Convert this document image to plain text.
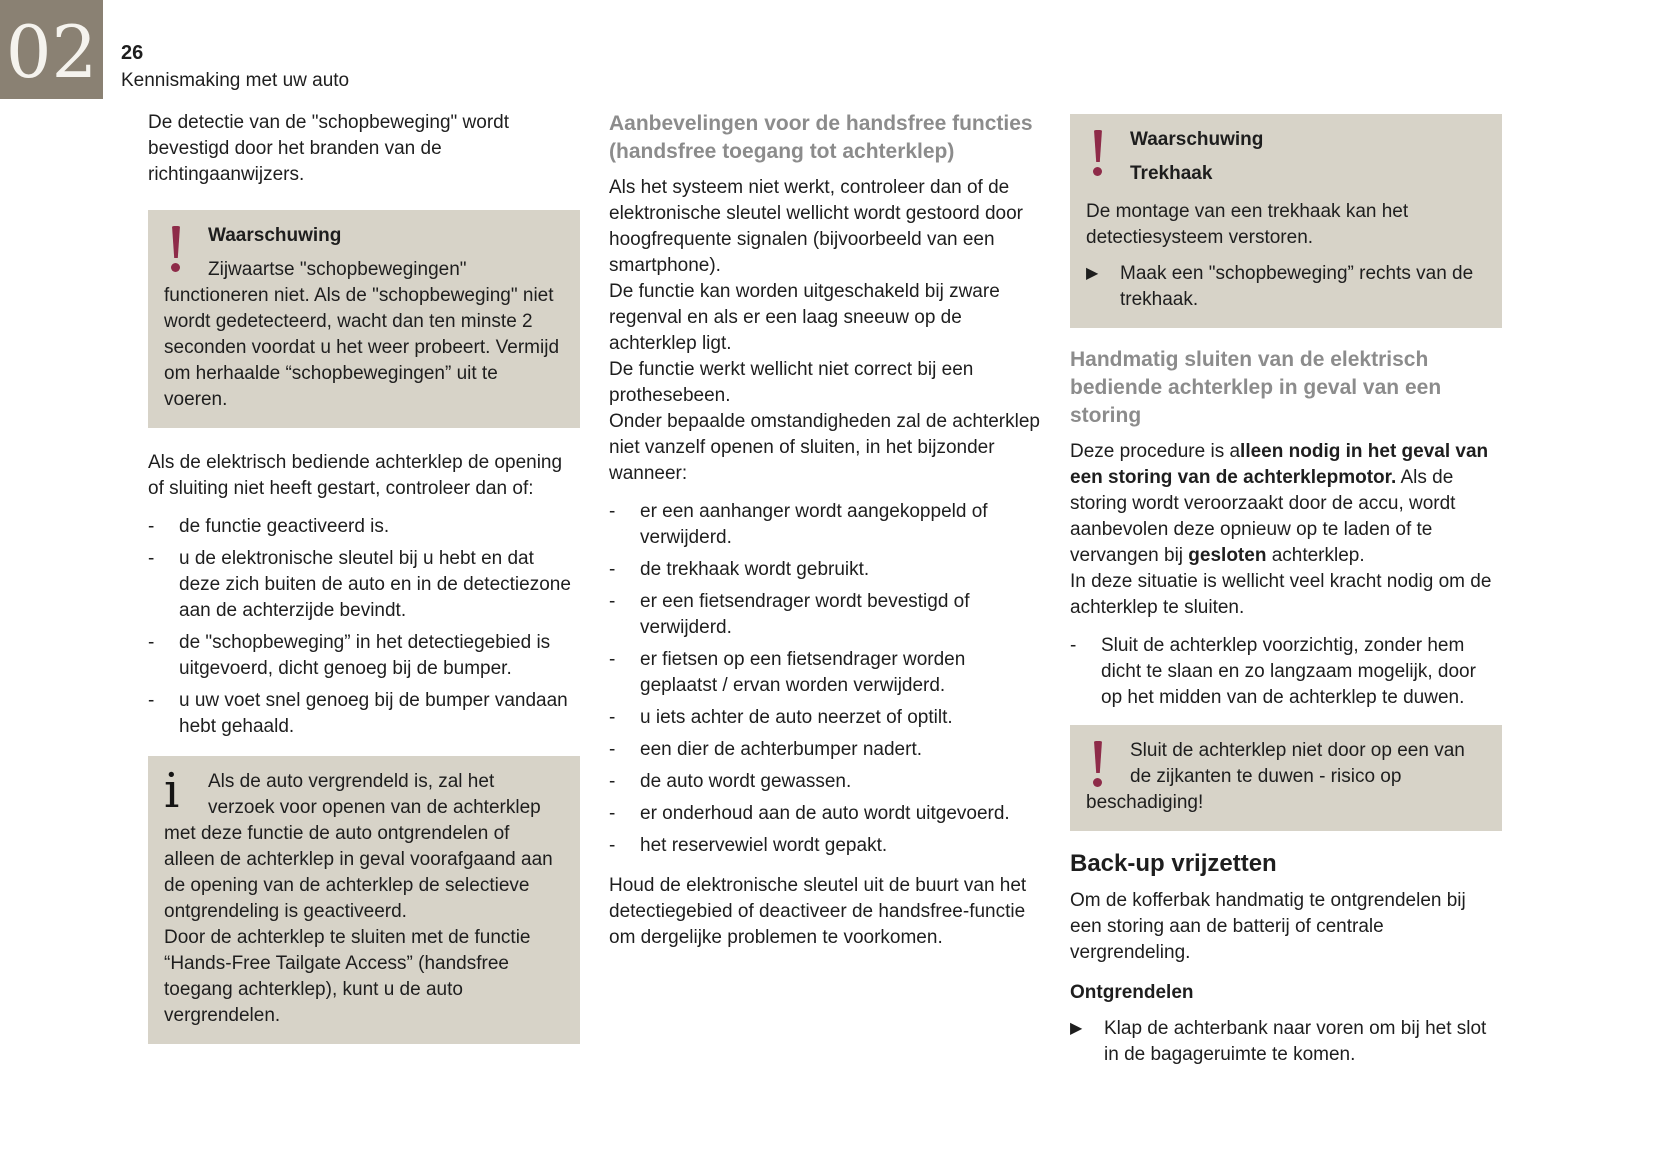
02 26
Kennismaking met uw auto

De detectie van de "schopbeweging" wordt bevestigd door het branden van de richtingaanwijzers.

Waarschuwing

Zijwaartse "schopbewegingen" functioneren niet. Als de "schopbeweging" niet wordt gedetecteerd, wacht dan ten minste 2 seconden voordat u het weer probeert. Vermijd om herhaalde “schopbewegingen” uit te voeren.

Als de elektrisch bediende achterklep de opening of sluiting niet heeft gestart, controleer dan of:

-	de functie geactiveerd is.
-	u de elektronische sleutel bij u hebt en dat deze zich buiten de auto en in de detectiezone aan de achterzijde bevindt.
-	de "schopbeweging” in het detectiegebied is uitgevoerd, dicht genoeg bij de bumper.
-	u uw voet snel genoeg bij de bumper vandaan hebt gehaald.
i	Als de auto vergrendeld is, zal het verzoek voor openen van de achterklep met deze functie de auto ontgrendelen of alleen de achterklep in geval voorafgaand aan de opening van de achterklep de selectieve ontgrendeling is geactiveerd.

Door de achterklep te sluiten met de functie “Hands-Free Tailgate Access” (handsfree toegang achterklep), kunt u de auto vergrendelen.

Aanbevelingen voor de handsfree functies (handsfree toegang tot achterklep)

Als het systeem niet werkt, controleer dan of de elektronische sleutel wellicht wordt gestoord door hoogfrequente signalen (bijvoorbeeld van een smartphone).

De functie kan worden uitgeschakeld bij zware regenval en als er een laag sneeuw op de achterklep ligt.

De functie werkt wellicht niet correct bij een prothesebeen.

Onder bepaalde omstandigheden zal de achterklep niet vanzelf openen of sluiten, in het bijzonder wanneer:

-	er een aanhanger wordt aangekoppeld of verwijderd.
-	de trekhaak wordt gebruikt.
-	er een fietsendrager wordt bevestigd of verwijderd.
-	er fietsen op een fietsendrager worden geplaatst / ervan worden verwijderd.
-	u iets achter de auto neerzet of optilt.
-	een dier de achterbumper nadert.
-	de auto wordt gewassen.
-	er onderhoud aan de auto wordt uitgevoerd.
-	het reservewiel wordt gepakt.

Houd de elektronische sleutel uit de buurt van het detectiegebied of deactiveer de handsfree-functie om dergelijke problemen te voorkomen.

Waarschuwing

Trekhaak

De montage van een trekhaak kan het detectiesysteem verstoren.

▶	Maak een "schopbeweging” rechts van de trekhaak.
Handmatig sluiten van de elektrisch bediende achterklep in geval van een storing

Deze procedure is alleen nodig in het geval van een storing van de achterklepmotor. Als de storing wordt veroorzaakt door de accu, wordt aanbevolen deze opnieuw op te laden of te vervangen bij gesloten achterklep.

In deze situatie is wellicht veel kracht nodig om de achterklep te sluiten.

-	Sluit de achterklep voorzichtig, zonder hem dicht te slaan en zo langzaam mogelijk, door op het midden van de achterklep te duwen.

Sluit de achterklep niet door op een van de zijkanten te duwen - risico op beschadiging!

Back-up vrijzetten

Om de kofferbak handmatig te ontgrendelen bij een storing aan de batterij of centrale vergrendeling.

Ontgrendelen
▶	Klap de achterbank naar voren om bij het slot in de bagageruimte te komen.
